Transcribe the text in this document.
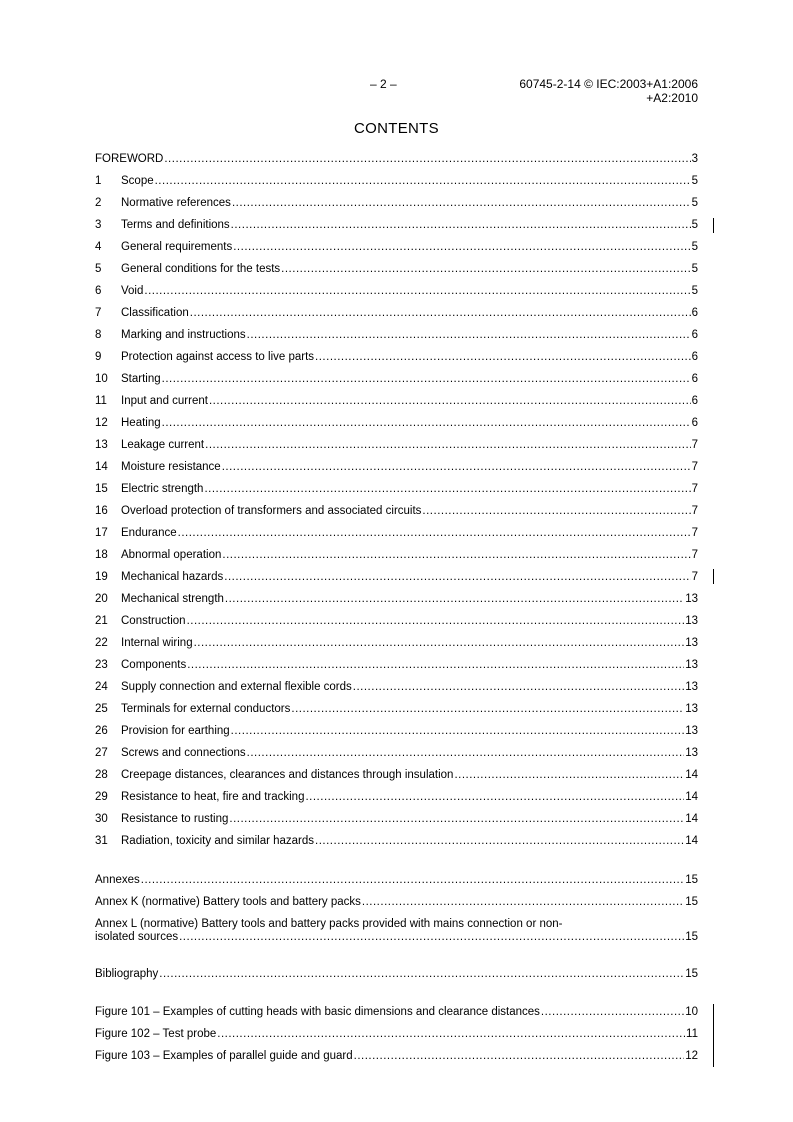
– 2 –	60745-2-14 © IEC:2003+A1:2006
+A2:2010
CONTENTS
FOREWORD .....	3
1	Scope .....	5
2	Normative references .....	5
3	Terms and definitions .....	5
4	General requirements .....	5
5	General conditions for the tests .....	5
6	Void .....	5
7	Classification .....	6
8	Marking and instructions .....	6
9	Protection against access to live parts .....	6
10	Starting .....	6
11	Input and current .....	6
12	Heating .....	6
13	Leakage current .....	7
14	Moisture resistance .....	7
15	Electric strength .....	7
16	Overload protection of transformers and associated circuits .....	7
17	Endurance .....	7
18	Abnormal operation .....	7
19	Mechanical hazards .....	7
20	Mechanical strength .....	13
21	Construction .....	13
22	Internal wiring .....	13
23	Components .....	13
24	Supply connection and external flexible cords .....	13
25	Terminals for external conductors .....	13
26	Provision for earthing .....	13
27	Screws and connections .....	13
28	Creepage distances, clearances and distances through insulation .....	14
29	Resistance to heat, fire and tracking .....	14
30	Resistance to rusting .....	14
31	Radiation, toxicity and similar hazards .....	14
Annexes .....	15
Annex K (normative) Battery tools and battery packs .....	15
Annex L (normative) Battery tools and battery packs provided with mains connection or non-
isolated sources .....	15
Bibliography .....	15
Figure 101 – Examples of cutting heads with basic dimensions and clearance distances .....	10
Figure 102 – Test probe .....	11
Figure 103 – Examples of parallel guide and guard .....	12
